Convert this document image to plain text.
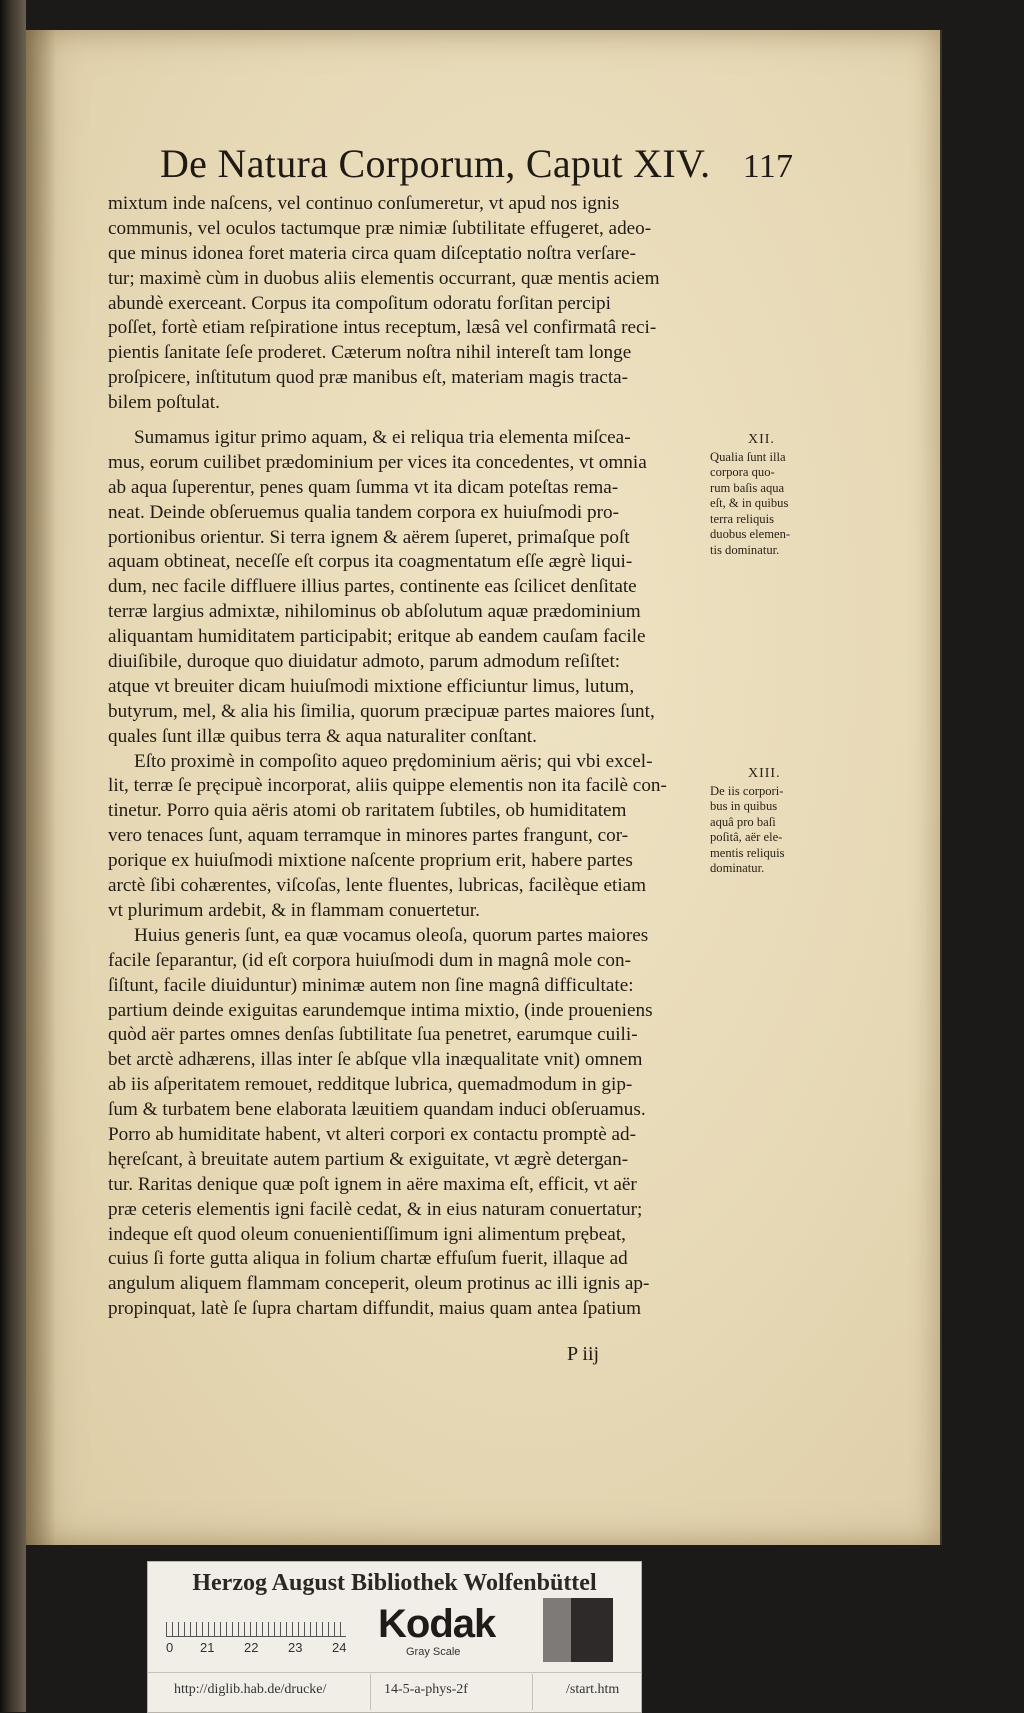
De Natura Corporum, Caput XIV. 117
mixtum inde naſcens, vel continuo conſumeretur, vt apud nos ignis
communis, vel oculos tactumque præ nimiæ ſubtilitate effugeret, adeo-
que minus idonea foret materia circa quam diſceptatio noſtra verſare-
tur; maximè cùm in duobus aliis elementis occurrant, quæ mentis aciem
abundè exerceant. Corpus ita compoſitum odoratu forſitan percipi
poſſet, fortè etiam reſpiratione intus receptum, læsâ vel confirmatâ reci-
pientis ſanitate ſeſe proderet. Cæterum noſtra nihil intereſt tam longe
proſpicere, inſtitutum quod præ manibus eſt, materiam magis tracta-
bilem poſtulat.
Sumamus igitur primo aquam, & ei reliqua tria elementa miſcea-
mus, eorum cuilibet prædominium per vices ita concedentes, vt omnia
ab aqua ſuperentur, penes quam ſumma vt ita dicam poteſtas rema-
neat. Deinde obſeruemus qualia tandem corpora ex huiuſmodi pro-
portionibus orientur. Si terra ignem & aërem ſuperet, primaſque poſt
aquam obtineat, neceſſe eſt corpus ita coagmentatum eſſe ægrè liqui-
dum, nec facile diffluere illius partes, continente eas ſcilicet denſitate
terræ largius admixtæ, nihilominus ob abſolutum aquæ prædominium
aliquantam humiditatem participabit; eritque ab eandem cauſam facile
diuiſibile, duroque quo diuidatur admoto, parum admodum reſiſtet:
atque vt breuiter dicam huiuſmodi mixtione efficiuntur limus, lutum,
butyrum, mel, & alia his ſimilia, quorum præcipuæ partes maiores ſunt,
quales ſunt illæ quibus terra & aqua naturaliter conſtant.
Eſto proximè in compoſito aqueo prędominium aëris; qui vbi excel-
lit, terræ ſe pręcipuè incorporat, aliis quippe elementis non ita facilè con-
tinetur. Porro quia aëris atomi ob raritatem ſubtiles, ob humiditatem
vero tenaces ſunt, aquam terramque in minores partes frangunt, cor-
porique ex huiuſmodi mixtione naſcente proprium erit, habere partes
arctè ſibi cohærentes, viſcoſas, lente fluentes, lubricas, facilèque etiam
vt plurimum ardebit, & in flammam conuertetur.
Huius generis ſunt, ea quæ vocamus oleoſa, quorum partes maiores
facile ſeparantur, (id eſt corpora huiuſmodi dum in magnâ mole con-
ſiſtunt, facile diuiduntur) minimæ autem non ſine magnâ difficultate:
partium deinde exiguitas earundemque intima mixtio, (inde proueniens
quòd aër partes omnes denſas ſubtilitate ſua penetret, earumque cuili-
bet arctè adhærens, illas inter ſe abſque vlla inæqualitate vnit) omnem
ab iis aſperitatem remouet, redditque lubrica, quemadmodum in gip-
ſum & turbatem bene elaborata læuitiem quandam induci obſeruamus.
Porro ab humiditate habent, vt alteri corpori ex contactu promptè ad-
hęreſcant, à breuitate autem partium & exiguitate, vt ægrè detergan-
tur. Raritas denique quæ poſt ignem in aëre maxima eſt, efficit, vt aër
præ ceteris elementis igni facilè cedat, & in eius naturam conuertatur;
indeque eſt quod oleum conuenientiſſimum igni alimentum prębeat,
cuius ſi forte gutta aliqua in folium chartæ effuſum fuerit, illaque ad
angulum aliquem flammam conceperit, oleum protinus ac illi ignis ap-
propinquat, latè ſe ſupra chartam diffundit, maius quam antea ſpatium
P iij
XII.
Qualia ſunt illa
corpora quo-
rum baſis aqua
eſt, & in quibus
terra reliquis
duobus elemen-
tis dominatur.
XIII.
De iis corpori-
bus in quibus
aquâ pro baſi
poſitâ, aër ele-
mentis reliquis
dominatur.
Herzog August Bibliothek Wolfenbüttel
0 21 22 23 24
Kodak
Gray Scale
http://diglib.hab.de/drucke/	14-5-a-phys-2f	/start.htm
